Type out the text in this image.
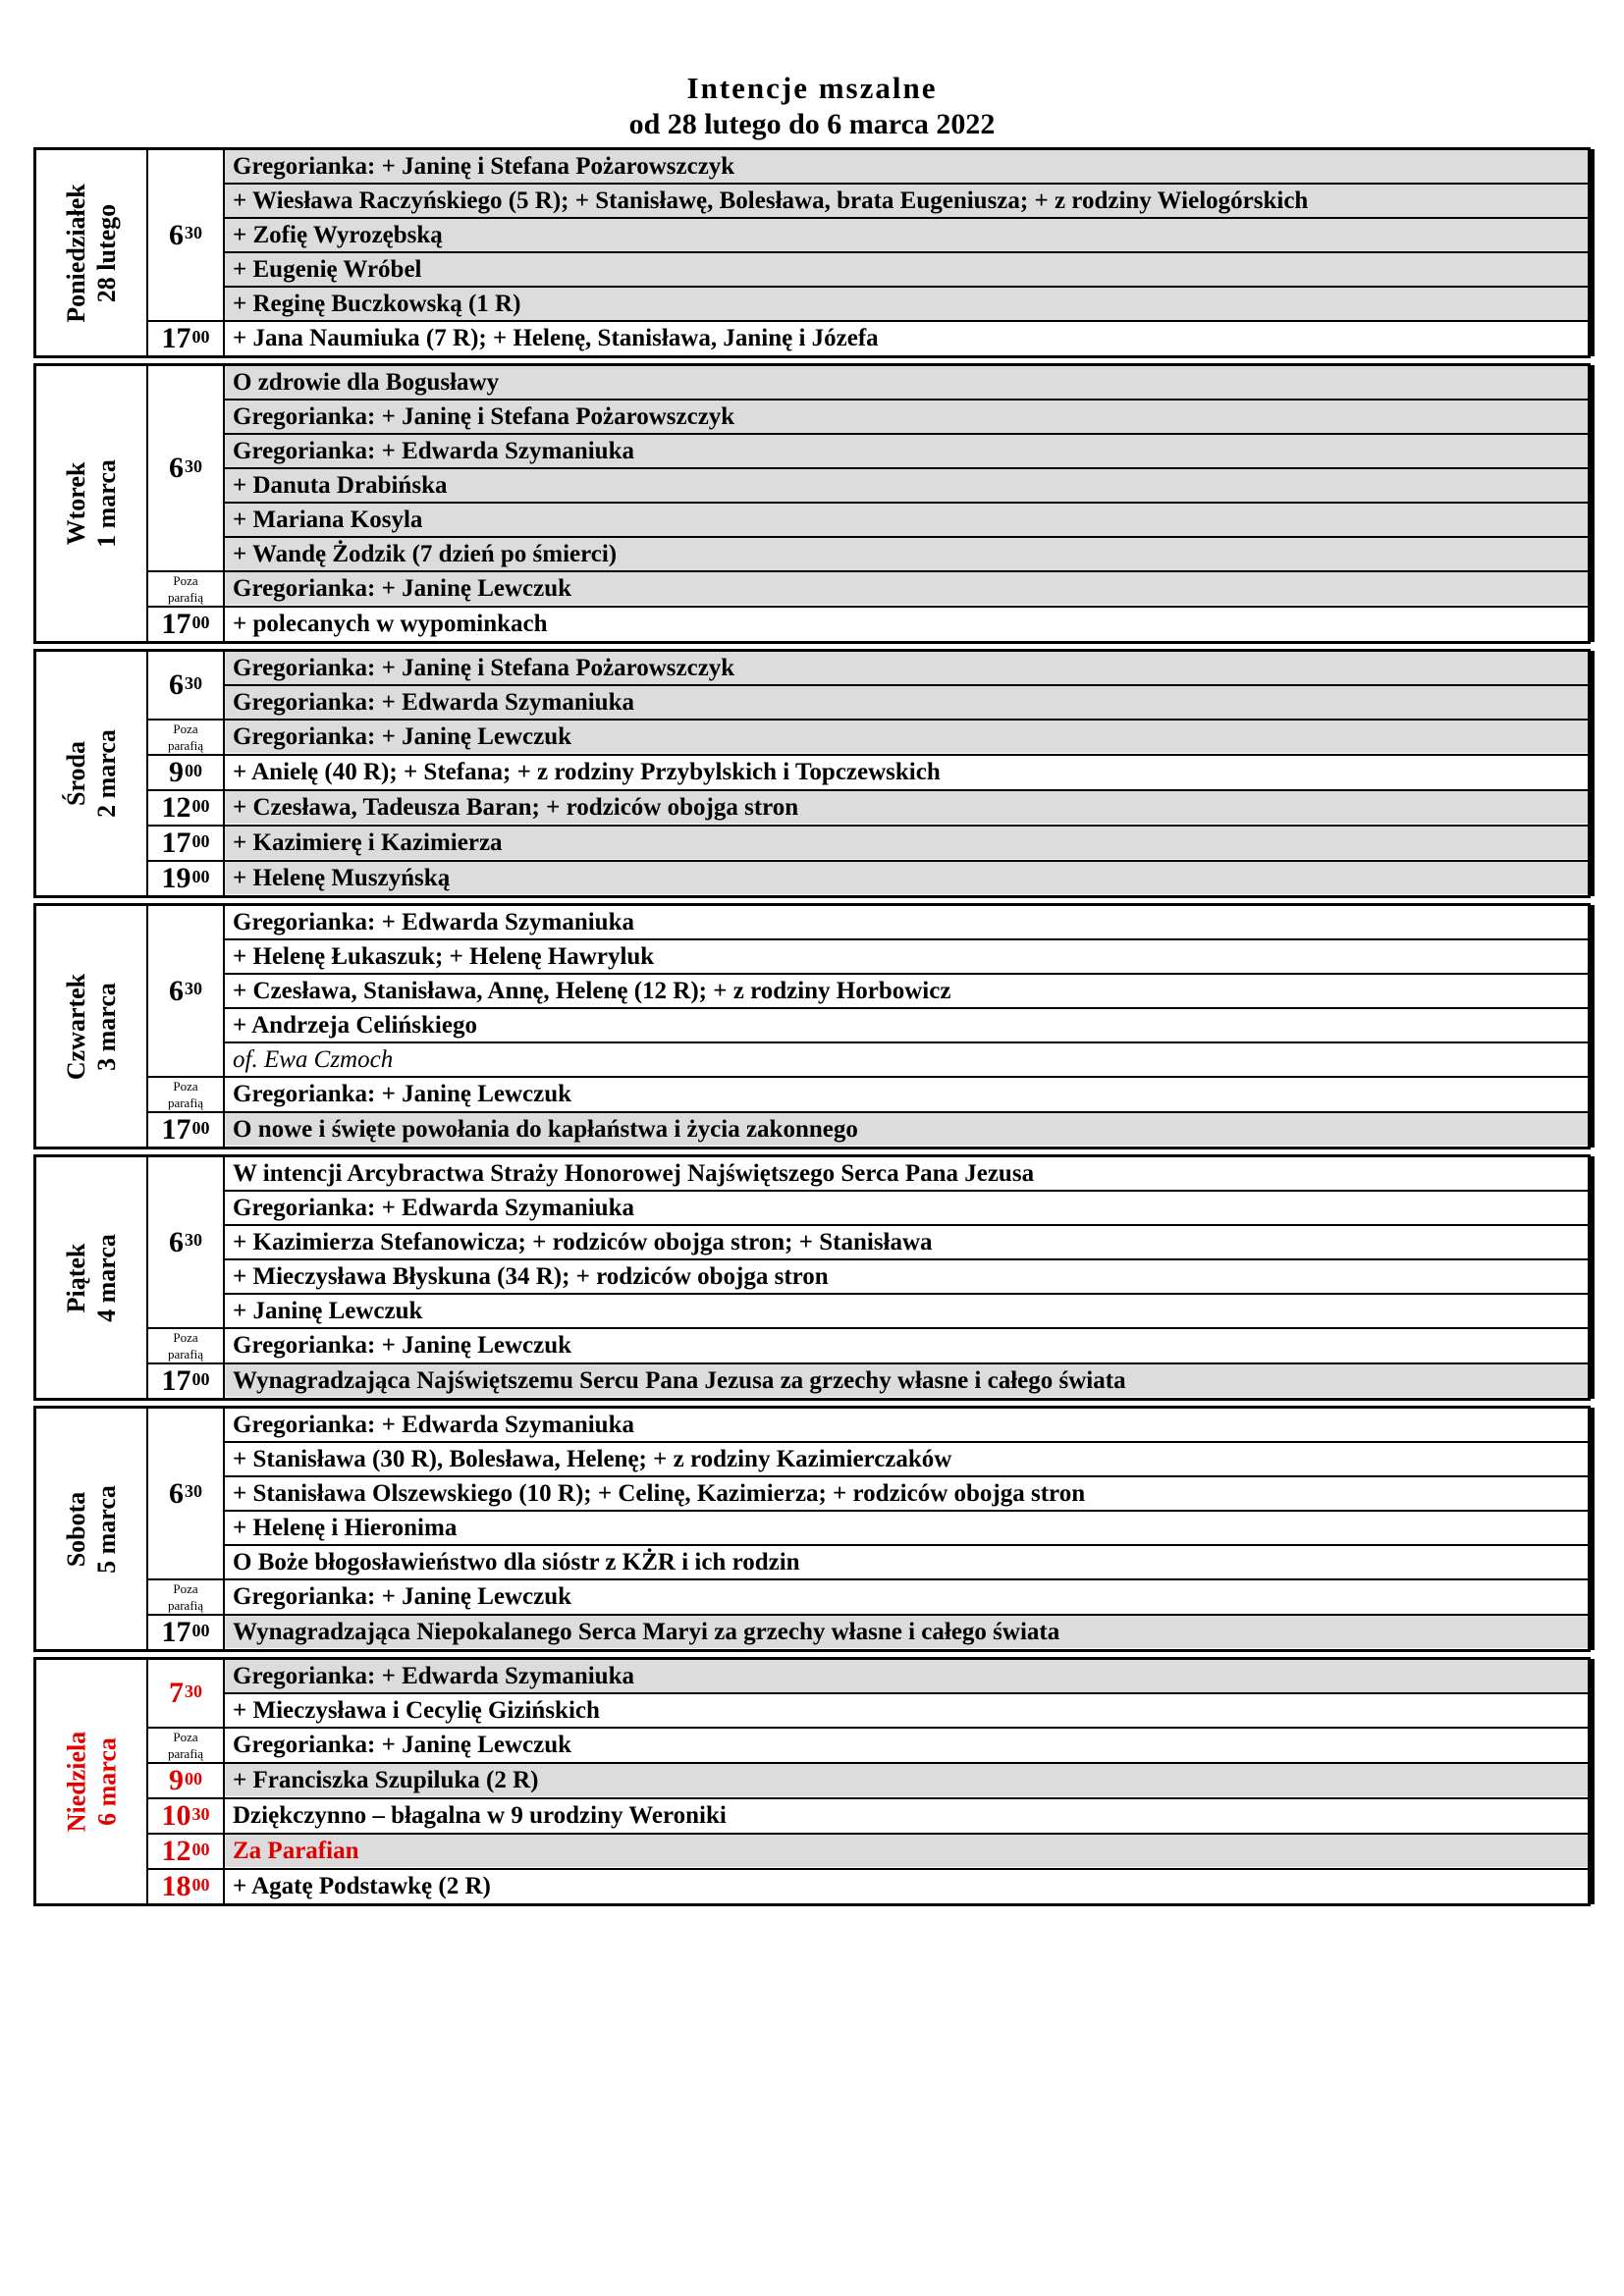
Intencje mszalne
od 28 lutego do 6 marca 2022
Poniedziałek 28 lutego $6^{30}$
Gregorianka: + Janinę i Stefana Pożarowszczyk
+ Wiesława Raczyńskiego (5 R); + Stanisławę, Bolesława, brata Eugeniusza; + z rodziny Wielogórskich
+ Zofię Wyrozębską
+ Eugenię Wróbel
+ Reginę Buczkowską (1 R)
$17^{00}$ + Jana Naumiuka (7 R); + Helenę, Stanisława, Janinę i Józefa
Wtorek 1 marca $6^{30}$
O zdrowie dla Bogusławy
Gregorianka: + Janinę i Stefana Pożarowszczyk
Gregorianka: + Edwarda Szymaniuka
+ Danuta Drabińska
+ Mariana Kosyla
+ Wandę Żodzik (7 dzień po śmierci)
Poza
parafią	Gregorianka: + Janinę Lewczuk
$17^{00}$ + polecanych w wypominkach
Środa 2 marca
$6^{30}$
Gregorianka: + Janinę i Stefana Pożarowszczyk
Gregorianka: + Edwarda Szymaniuka
Poza
parafią	Gregorianka: + Janinę Lewczuk
$9^{00}$	+ Anielę (40 R); + Stefana; + z rodziny Przybylskich i Topczewskich
$12^{00}$ + Czesława, Tadeusza Baran; + rodziców obojga stron
$17^{00}$ + Kazimierę i Kazimierza
$19^{00}$ + Helenę Muszyńską
Czwartek 3 marca $6^{30}$
Gregorianka: + Edwarda Szymaniuka
+ Helenę Łukaszuk; + Helenę Hawryluk
+ Czesława, Stanisława, Annę, Helenę (12 R); + z rodziny Horbowicz
+ Andrzeja Celińskiego
of. Ewa Czmoch
Poza
parafią	Gregorianka: + Janinę Lewczuk
$17^{00}$ O nowe i święte powołania do kapłaństwa i życia zakonnego
Piątek 4 marca $6^{30}$
W intencji Arcybractwa Straży Honorowej Najświętszego Serca Pana Jezusa
Gregorianka: + Edwarda Szymaniuka
+ Kazimierza Stefanowicza; + rodziców obojga stron; + Stanisława
+ Mieczysława Błyskuna (34 R); + rodziców obojga stron
+ Janinę Lewczuk
Poza
parafią	Gregorianka: + Janinę Lewczuk
$17^{00}$ Wynagradzająca Najświętszemu Sercu Pana Jezusa za grzechy własne i całego świata
Sobota 5 marca $6^{30}$
Gregorianka: + Edwarda Szymaniuka
+ Stanisława (30 R), Bolesława, Helenę; + z rodziny Kazimierczaków
+ Stanisława Olszewskiego (10 R); + Celinę, Kazimierza; + rodziców obojga stron
+ Helenę i Hieronima
O Boże błogosławieństwo dla sióstr z KŻR i ich rodzin
Poza
parafią	Gregorianka: + Janinę Lewczuk
$17^{00}$ Wynagradzająca Niepokalanego Serca Maryi za grzechy własne i całego świata
Niedziela 6 marca
$7^{30}$
Gregorianka: + Edwarda Szymaniuka
+ Mieczysława i Cecylię Gizińskich
Poza
parafią	Gregorianka: + Janinę Lewczuk
$9^{00}$	+ Franciszka Szupiluka (2 R)
$10^{30}$ Dziękczynno – błagalna w 9 urodziny Weroniki
$12^{00}$ Za Parafian
$18^{00}$ + Agatę Podstawkę (2 R)
